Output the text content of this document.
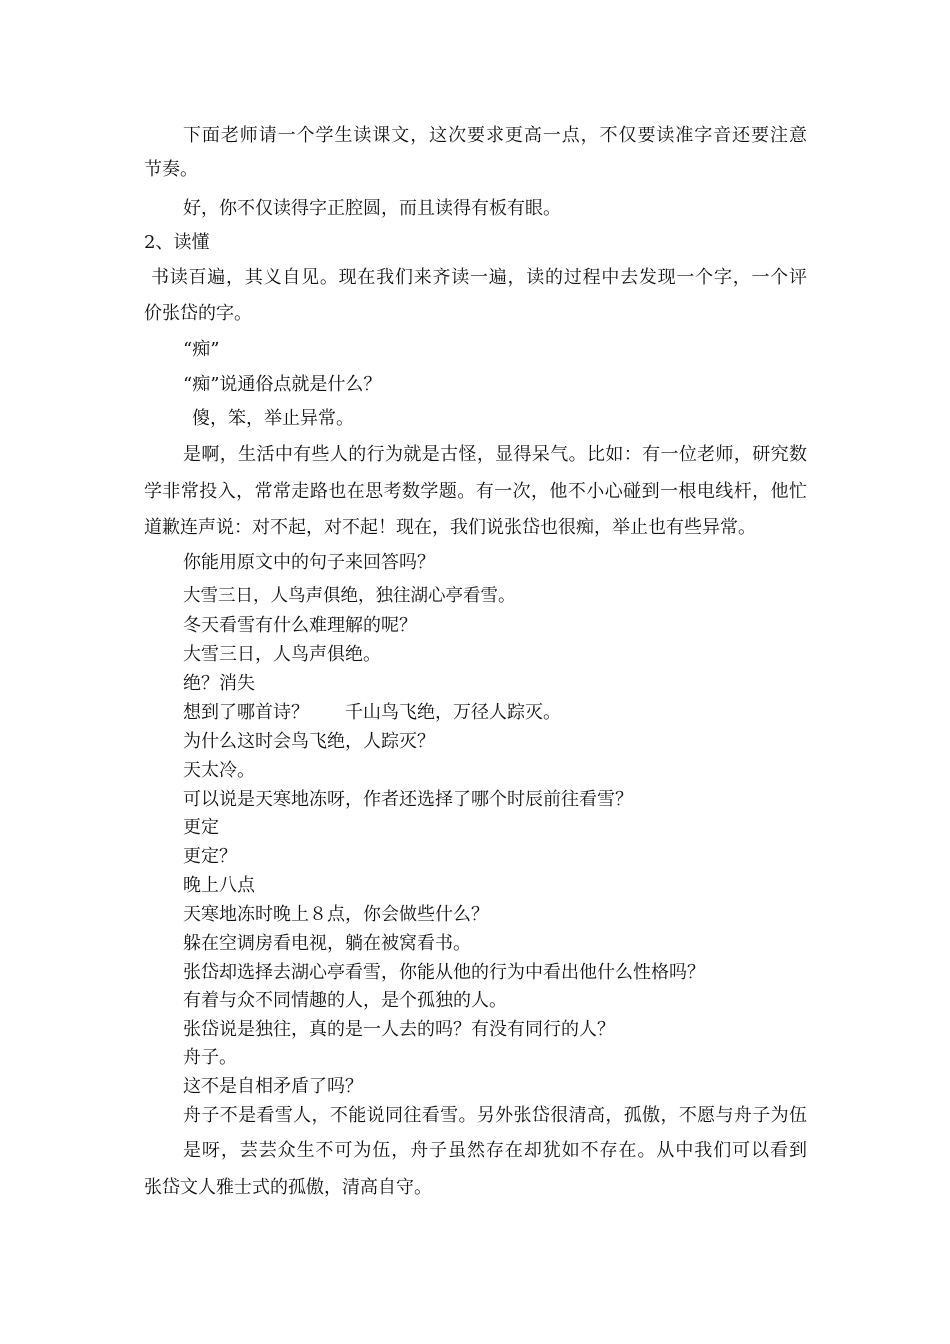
下面老师请一个学生读课文，这次要求更高一点，不仅要读准字音还要注意
节奏。
好，你不仅读得字正腔圆，而且读得有板有眼。
2、读懂
书读百遍，其义自见。现在我们来齐读一遍，读的过程中去发现一个字，一个评
价张岱的字。
“痴”
“痴”说通俗点就是什么？
傻，笨，举止异常。
是啊，生活中有些人的行为就是古怪，显得呆气。比如：有一位老师，研究数
学非常投入，常常走路也在思考数学题。有一次，他不小心碰到一根电线杆，他忙
道歉连声说：对不起，对不起！现在，我们说张岱也很痴，举止也有些异常。
你能用原文中的句子来回答吗？
大雪三日，人鸟声俱绝，独往湖心亭看雪。
冬天看雪有什么难理解的呢？
大雪三日，人鸟声俱绝。
绝？消失
想到了哪首诗？ 千山鸟飞绝，万径人踪灭。
为什么这时会鸟飞绝，人踪灭？
天太冷。
可以说是天寒地冻呀，作者还选择了哪个时辰前往看雪？
更定
更定？
晚上八点
天寒地冻时晚上８点，你会做些什么？
躲在空调房看电视，躺在被窝看书。
张岱却选择去湖心亭看雪，你能从他的行为中看出他什么性格吗？
有着与众不同情趣的人，是个孤独的人。
张岱说是独往，真的是一人去的吗？有没有同行的人？
舟子。
这不是自相矛盾了吗？
舟子不是看雪人，不能说同往看雪。另外张岱很清高，孤傲，不愿与舟子为伍
是呀，芸芸众生不可为伍，舟子虽然存在却犹如不存在。从中我们可以看到
张岱文人雅士式的孤傲，清高自守。
